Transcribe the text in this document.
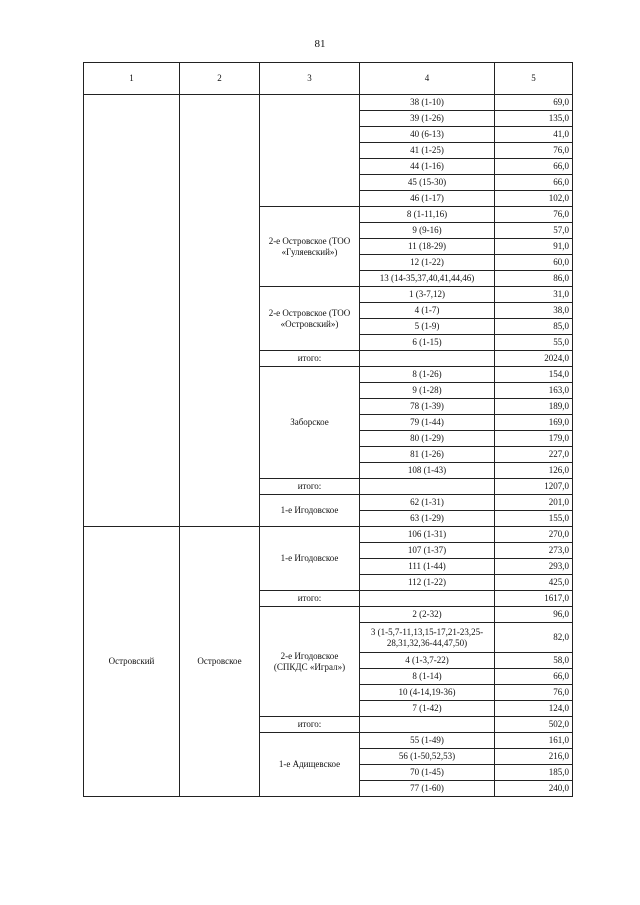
81
1	2	3	4	5
			38 (1-10)	69,0
			39 (1-26)	135,0
			40 (6-13)	41,0
			41 (1-25)	76,0
			44 (1-16)	66,0
			45 (15-30)	66,0
			46 (1-17)	102,0
		2-е Островское (ТОО «Гуляевский»)	8 (1-11,16)	76,0
			9 (9-16)	57,0
			11 (18-29)	91,0
			12 (1-22)	60,0
			13 (14-35,37,40,41,44,46)	86,0
		2-е Островское (ТОО «Островский»)	1 (3-7,12)	31,0
			4 (1-7)	38,0
			5 (1-9)	85,0
			6 (1-15)	55,0
		итого:		2024,0
		Заборское	8 (1-26)	154,0
			9 (1-28)	163,0
			78 (1-39)	189,0
			79 (1-44)	169,0
			80 (1-29)	179,0
			81 (1-26)	227,0
			108 (1-43)	126,0
		итого:		1207,0
		1-е Игодовское	62 (1-31)	201,0
			63 (1-29)	155,0
Островский	Островское	1-е Игодовское	106 (1-31)	270,0
			107 (1-37)	273,0
			111 (1-44)	293,0
			112 (1-22)	425,0
		итого:		1617,0
		2-е Игодовское (СПКДС «Играл»)	2 (2-32)	96,0
			3 (1-5,7-11,13,15-17,21-23,25-28,31,32,36-44,47,50)	82,0
			4 (1-3,7-22)	58,0
			8 (1-14)	66,0
			10 (4-14,19-36)	76,0
			7 (1-42)	124,0
		итого:		502,0
		1-е Адищевское	55 (1-49)	161,0
			56 (1-50,52,53)	216,0
			70 (1-45)	185,0
			77 (1-60)	240,0
